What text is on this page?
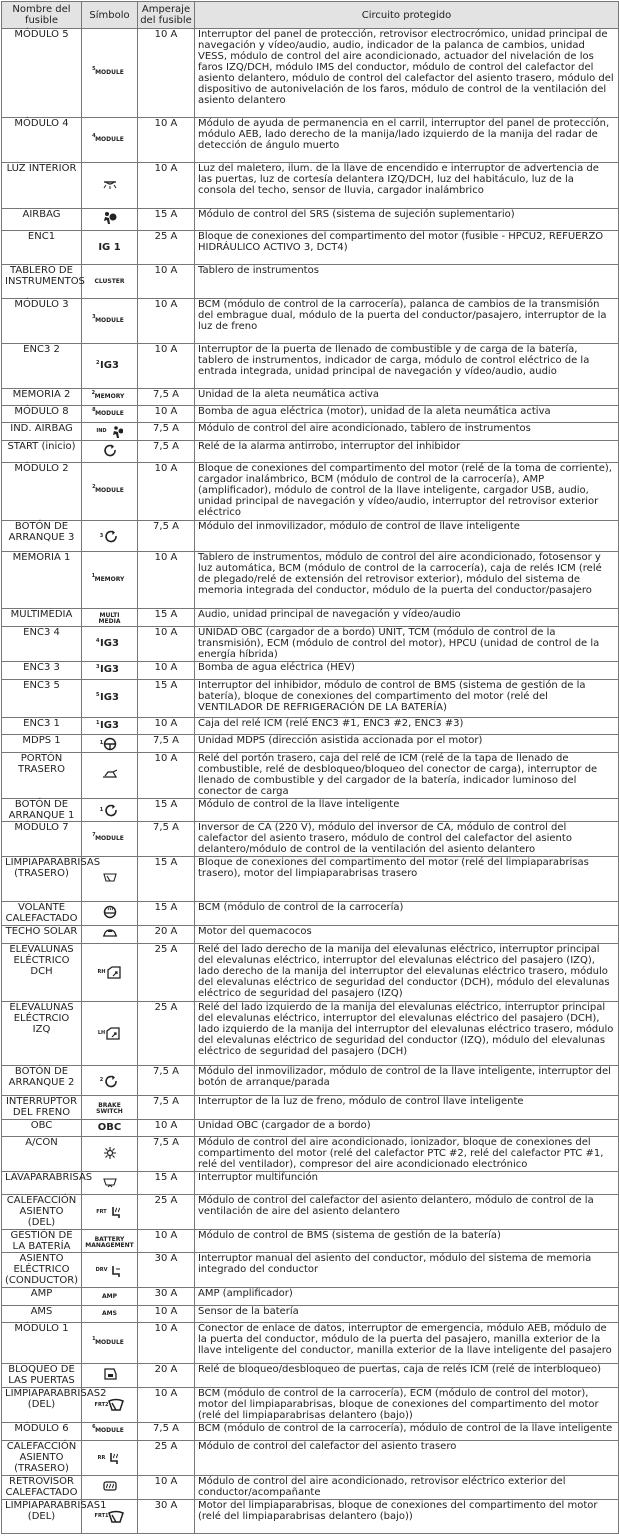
Nombre del fusible	Símbolo	Amperaje del fusible	Circuito protegido
MÓDULO 5	5 MODULE	10 A	Interruptor del panel de protección, retrovisor electrocrómico, unidad principal de navegación y vídeo/audio, audio, indicador de la palanca de cambios, unidad VESS, módulo de control del aire acondicionado, actuador del nivelación de los faros IZQ/DCH, módulo IMS del conductor, módulo de control del calefactor del asiento delantero, módulo de control del calefactor del asiento trasero, módulo del dispositivo de autonivelación de los faros, módulo de control de la ventilación del asiento delantero
MÓDULO 4	4 MODULE	10 A	Módulo de ayuda de permanencia en el carril, interruptor del panel de protección, módulo AEB, lado derecho de la manija/lado izquierdo de la manija del radar de detección de ángulo muerto
LUZ INTERIOR		10 A	Luz del maletero, ilum. de la llave de encendido e interruptor de advertencia de las puertas, luz de cortesía delantera IZQ/DCH, luz del habitáculo, luz de la consola del techo, sensor de lluvia, cargador inalámbrico
AIRBAG		15 A	Módulo de control del SRS (sistema de sujeción suplementario)
ENC1	IG 1	25 A	Bloque de conexiones del compartimento del motor (fusible - HPCU2, REFUERZO HIDRÁULICO ACTIVO 3, DCT4)
TABLERO DE INSTRUMENTOS	CLUSTER	10 A	Tablero de instrumentos
MÓDULO 3	3 MODULE	10 A	BCM (módulo de control de la carrocería), palanca de cambios de la transmisión del embrague dual, módulo de la puerta del conductor/pasajero, interruptor de la luz de freno
ENC3 2	2 IG3	10 A	Interruptor de la puerta de llenado de combustible y de carga de la batería, tablero de instrumentos, indicador de carga, módulo de control eléctrico de la entrada integrada, unidad principal de navegación y vídeo/audio, audio
MEMORIA 2	2 MEMORY	7,5 A	Unidad de la aleta neumática activa
MÓDULO 8	8 MODULE	10 A	Bomba de agua eléctrica (motor), unidad de la aleta neumática activa
IND. AIRBAG	IND	7,5 A	Módulo de control del aire acondicionado, tablero de instrumentos
START (inicio)		7,5 A	Relé de la alarma antirrobo, interruptor del inhibidor
MÓDULO 2	2 MODULE	10 A	Bloque de conexiones del compartimento del motor (relé de la toma de corriente), cargador inalámbrico, BCM (módulo de control de la carrocería), AMP (amplificador), módulo de control de la llave inteligente, cargador USB, audio, unidad principal de navegación y vídeo/audio, interruptor del retrovisor exterior eléctrico
BOTÓN DE ARRANQUE 3	3	7,5 A	Módulo del inmovilizador, módulo de control de llave inteligente
MEMORIA 1	1 MEMORY	10 A	Tablero de instrumentos, módulo de control del aire acondicionado, fotosensor y luz automática, BCM (módulo de control de la carrocería), caja de relés ICM (relé de plegado/relé de extensión del retrovisor exterior), módulo del sistema de memoria integrada del conductor, módulo de la puerta del conductor/pasajero
MULTIMEDIA	MULTI MEDIA	15 A	Audio, unidad principal de navegación y vídeo/audio
ENC3 4	4 IG3	10 A	UNIDAD OBC (cargador de a bordo) UNIT, TCM (módulo de control de la transmisión), ECM (módulo de control del motor), HPCU (unidad de control de la energía híbrida)
ENC3 3	3 IG3	10 A	Bomba de agua eléctrica (HEV)
ENC3 5	5 IG3	15 A	Interruptor del inhibidor, módulo de control de BMS (sistema de gestión de la batería), bloque de conexiones del compartimento del motor (relé del VENTILADOR DE REFRIGERACIÓN DE LA BATERÍA)
ENC3 1	1 IG3	10 A	Caja del relé ICM (relé ENC3 #1, ENC3 #2, ENC3 #3)
MDPS 1	1	7,5 A	Unidad MDPS (dirección asistida accionada por el motor)
PORTÓN TRASERO		10 A	Relé del portón trasero, caja del relé de ICM (relé de la tapa de llenado de combustible, relé de desbloqueo/bloqueo del conector de carga), interruptor de llenado de combustible y del cargador de la batería, indicador luminoso del conector de carga
BOTÓN DE ARRANQUE 1	1	15 A	Módulo de control de la llave inteligente
MÓDULO 7	7 MODULE	7,5 A	Inversor de CA (220 V), módulo del inversor de CA, módulo de control del calefactor del asiento trasero, módulo de control del calefactor del asiento delantero/módulo de control de la ventilación del asiento delantero
LIMPIAPARABRISAS (TRASERO)		15 A	Bloque de conexiones del compartimento del motor (relé del limpiaparabrisas trasero), motor del limpiaparabrisas trasero
VOLANTE CALEFACTADO		15 A	BCM (módulo de control de la carrocería)
TECHO SOLAR		20 A	Motor del quemacocos
ELEVALUNAS ELÉCTRICO DCH	RH	25 A	Relé del lado derecho de la manija del elevalunas eléctrico, interruptor principal del elevalunas eléctrico, interruptor del elevalunas eléctrico del pasajero (IZQ), lado derecho de la manija del interruptor del elevalunas eléctrico trasero, módulo del elevalunas eléctrico de seguridad del conductor (DCH), módulo del elevalunas eléctrico de seguridad del pasajero (IZQ)
ELEVALUNAS ELÉCTRCIO IZQ	LH	25 A	Relé del lado izquierdo de la manija del elevalunas eléctrico, interruptor principal del elevalunas eléctrico, interruptor del elevalunas eléctrico del pasajero (DCH), lado izquierdo de la manija del interruptor del elevalunas eléctrico trasero, módulo del elevalunas eléctrico de seguridad del conductor (IZQ), módulo del elevalunas eléctrico de seguridad del pasajero (DCH)
BOTÓN DE ARRANQUE 2	2	7,5 A	Módulo del inmovilizador, módulo de control de la llave inteligente, interruptor del botón de arranque/parada
INTERRUPTOR DEL FRENO	BRAKE SWITCH	7,5 A	Interruptor de la luz de freno, módulo de control llave inteligente
OBC	OBC	10 A	Unidad OBC (cargador de a bordo)
A/CON		7,5 A	Módulo de control del aire acondicionado, ionizador, bloque de conexiones del compartimento del motor (relé del calefactor PTC #2, relé del calefactor PTC #1, relé del ventilador), compresor del aire acondicionado electrónico
LAVAPARABRISAS		15 A	Interruptor multifunción
CALEFACCIÓN ASIENTO (DEL)	FRT	25 A	Módulo de control del calefactor del asiento delantero, módulo de control de la ventilación de aire del asiento delantero
GESTIÓN DE LA BATERÍA	BATTERY MANAGEMENT	10 A	Módulo de control de BMS (sistema de gestión de la batería)
ASIENTO ELÉCTRICO (CONDUCTOR)	DRV	30 A	Interruptor manual del asiento del conductor, módulo del sistema de memoria integrado del conductor
AMP	AMP	30 A	AMP (amplificador)
AMS	AMS	10 A	Sensor de la batería
MÓDULO 1	1 MODULE	10 A	Conector de enlace de datos, interruptor de emergencia, módulo AEB, módulo de la puerta del conductor, módulo de la puerta del pasajero, manilla exterior de la llave inteligente del conductor, manilla exterior de la llave inteligente del pasajero
BLOQUEO DE LAS PUERTAS		20 A	Relé de bloqueo/desbloqueo de puertas, caja de relés ICM (relé de interbloqueo)
LIMPIAPARABRISAS2 (DEL)	FRT2	10 A	BCM (módulo de control de la carrocería), ECM (módulo de control del motor), motor del limpiaparabrisas, bloque de conexiones del compartimento del motor (relé del limpiaparabrisas delantero (bajo))
MÓDULO 6	6 MODULE	7,5 A	BCM (módulo de control de la carrocería), módulo de control de la llave inteligente
CALEFACCIÓN ASIENTO (TRASERO)	RR	25 A	Módulo de control del calefactor del asiento trasero
RETROVISOR CALEFACTADO		10 A	Módulo de control del aire acondicionado, retrovisor eléctrico exterior del conductor/acompañante
LIMPIAPARABRISAS1 (DEL)	FRT1	30 A	Motor del limpiaparabrisas, bloque de conexiones del compartimento del motor (relé del limpiaparabrisas delantero (bajo))
